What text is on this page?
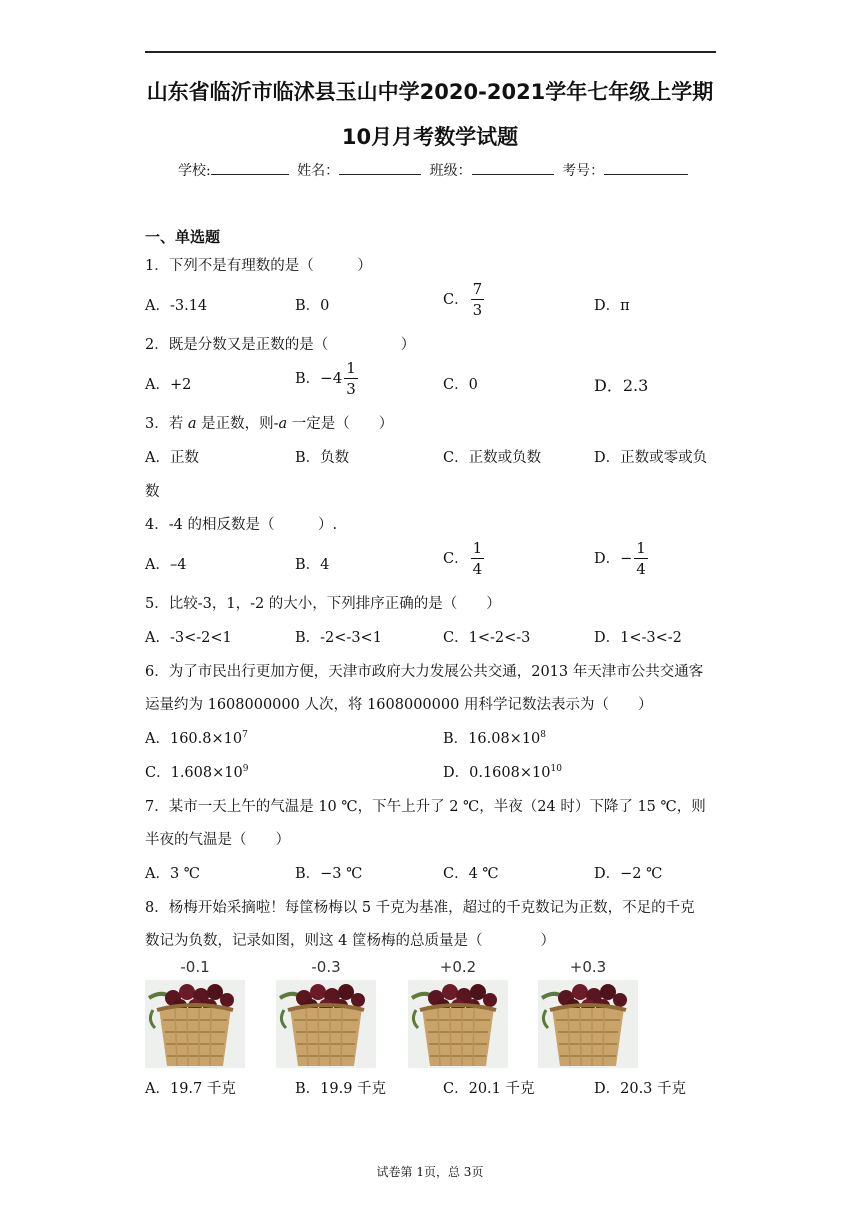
山东省临沂市临沭县玉山中学2020-2021学年七年级上学期
10月月考数学试题
学校:	姓名：	班级：	考号：
一、单选题
1．下列不是有理数的是（　　　）
A．-3.14	B．0	C． $\frac{7}{3}$	D．π
2．既是分数又是正数的是（　　　　　）
A．+2	B．$-4 \frac{1}{3}$	C．0	D．2.3
3．若 a 是正数，则-a 一定是（　　）
A．正数	B．负数	C．正数或负数	D．正数或零或负
数
4．-4 的相反数是（　　　）.
A．–4	B．4	C． $\frac{1}{4}$	D．− $\frac{1}{4}$
5．比较-3，1，-2 的大小，下列排序正确的是（　　）
A．-3<-2<1	B．-2<-3<1	C．1<-2<-3	D．1<-3<-2
6．为了市民出行更加方便，天津市政府大力发展公共交通，2013 年天津市公共交通客
运量约为 1608000000 人次，将 1608000000 用科学记数法表示为（　　）
A．$160.8\times 10^7$	B．$16.08\times 10^8$
C．$1.608\times 10^9$	D．$0.1608\times 10^{10}$
7．某市一天上午的气温是 10 ℃，下午上升了 2 ℃，半夜（24 时）下降了 15 ℃，则
半夜的气温是（　　）
A．3 ℃	B．−3 ℃	C．4 ℃	D．−2 ℃
8．杨梅开始采摘啦！每筐杨梅以 5 千克为基准，超过的千克数记为正数，不足的千克
数记为负数，记录如图，则这 4 筐杨梅的总质量是（　　　　）
-0.1	-0.3	+0.2	+0.3
A．19.7 千克	B．19.9 千克	C．20.1 千克	D．20.3 千克
试卷第 1页，总 3页
